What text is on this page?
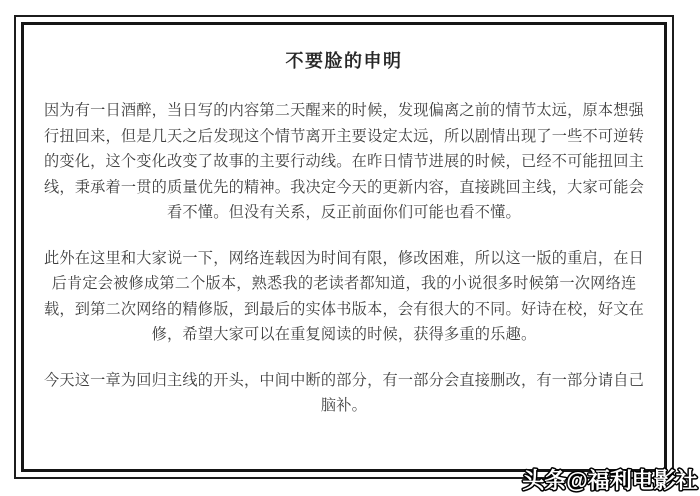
不要脸的申明

因为有一日酒醉，当日写的内容第二天醒来的时候，发现偏离之前的情节太远，原本想强行扭回来，但是几天之后发现这个情节离开主要设定太远，所以剧情出现了一些不可逆转的变化，这个变化改变了故事的主要行动线。在昨日情节进展的时候，已经不可能扭回主线，秉承着一贯的质量优先的精神。我决定今天的更新内容，直接跳回主线，大家可能会看不懂。但没有关系，反正前面你们可能也看不懂。

此外在这里和大家说一下，网络连载因为时间有限，修改困难，所以这一版的重启，在日后肯定会被修成第二个版本，熟悉我的老读者都知道，我的小说很多时候第一次网络连载，到第二次网络的精修版，到最后的实体书版本，会有很大的不同。好诗在校，好文在修，希望大家可以在重复阅读的时候，获得多重的乐趣。

今天这一章为回归主线的开头，中间中断的部分，有一部分会直接删改，有一部分请自己脑补。

头条@福利电影社
